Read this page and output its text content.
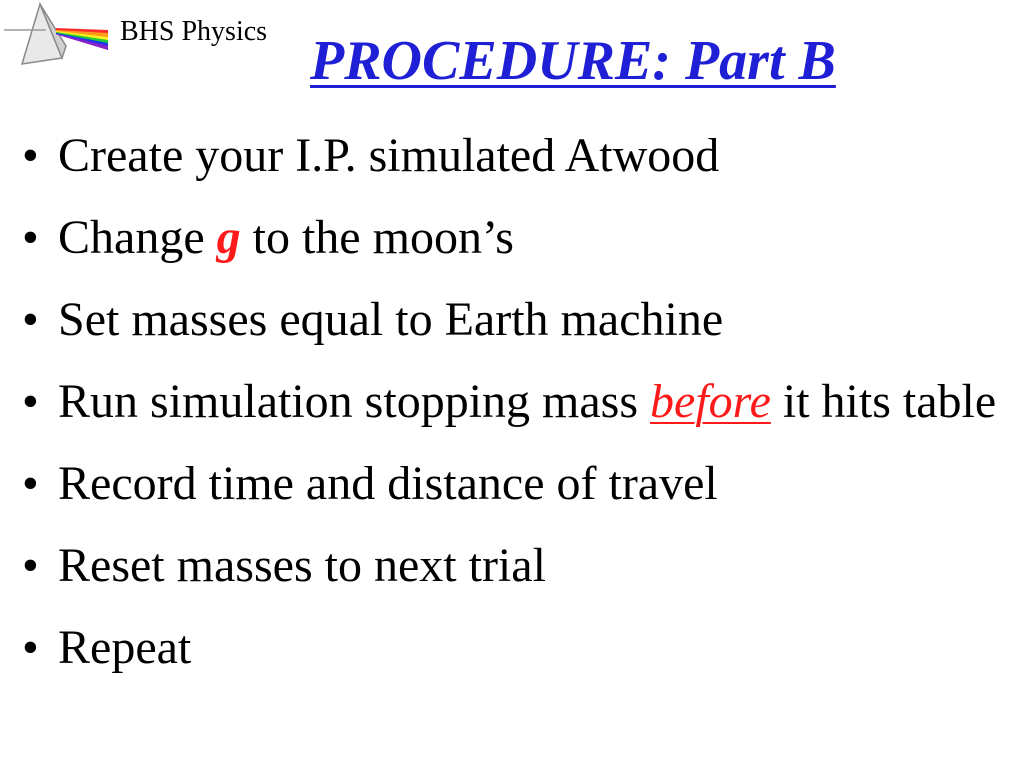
BHS Physics PROCEDURE: Part B
• Create your I.P. simulated Atwood
• Change g to the moon’s
• Set masses equal to Earth machine
• Run simulation stopping mass before it hits table
• Record time and distance of travel
• Reset masses to next trial
• Repeat
